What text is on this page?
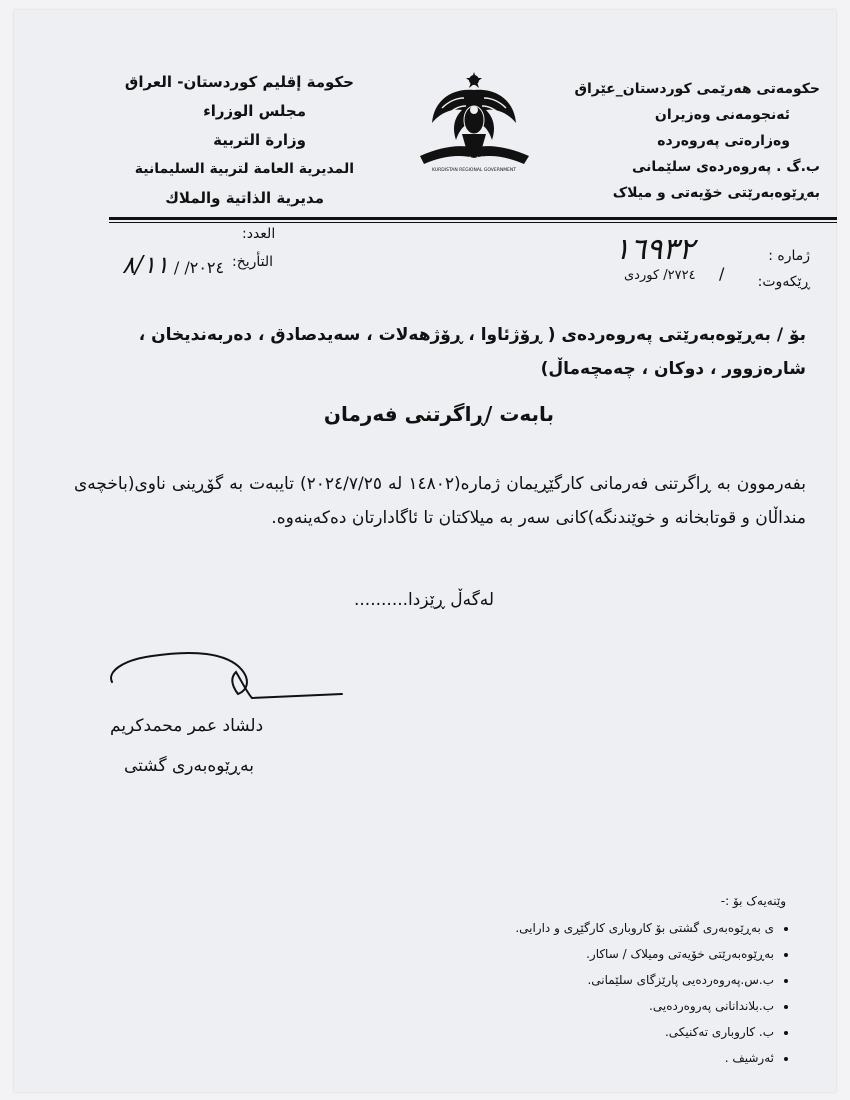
حکومەتی هەرێمی کوردستان_عێراق
ئەنجومەنی وەزیران
وەزارەتی پەروەردە
ب.گ . پەروەردەی سلێمانی
بەڕێوەبەرێتی خۆیەتی و میلاک
حكومة إقليم كوردستان- العراق
مجلس الوزراء
وزارة التربية
المديرية العامة لتربية السليمانية
مديرية الذاتية والملاك
حكومة اقليم كوردستان
KURDISTAN REGIONAL GOVERNMENT
ژمارە :
ڕێکەوت:
١٦٩٣٢
/
٢٧٢٤/ كوردى
العدد:
التأريخ:
٢٠٢٤/ / ٨/١١
بۆ / بەڕێوەبەرێتی پەروەردەی ( ڕۆژئاوا ، ڕۆژهەلات ، سەیدصادق ، دەربەندیخان ، شارەزوور ، دوکان ، چەمچەماڵ)
بابەت /ڕاگرتنی فەرمان
بفەرموون بە ڕاگرتنی فەرمانی کارگێڕیمان ژمارە(١٤٨٠٢ لە ٢٠٢٤/٧/٢٥) تایبەت بە گۆڕینی ناوی(باخچەی منداڵان و قوتابخانە و خوێندنگە)کانی سەر بە میلاکتان تا ئاگادارتان دەکەینەوە.
لەگەڵ ڕێزدا..........
دلشاد عمر محمدکریم
بەڕێوەبەری گشتی
وێنەیەک بۆ :-
• ی بەڕێوەبەری گشتی بۆ کاروباری کارگێڕی و دارایی.
• بەڕێوەبەرێتی خۆیەتی ومیلاک / ساکار.
• ب.س.پەروەردەیی پارێزگای سلێمانی.
• ب.بلاندانانی پەروەردەیی.
• ب. کاروباری تەکنیکی.
• ئەرشیف .
